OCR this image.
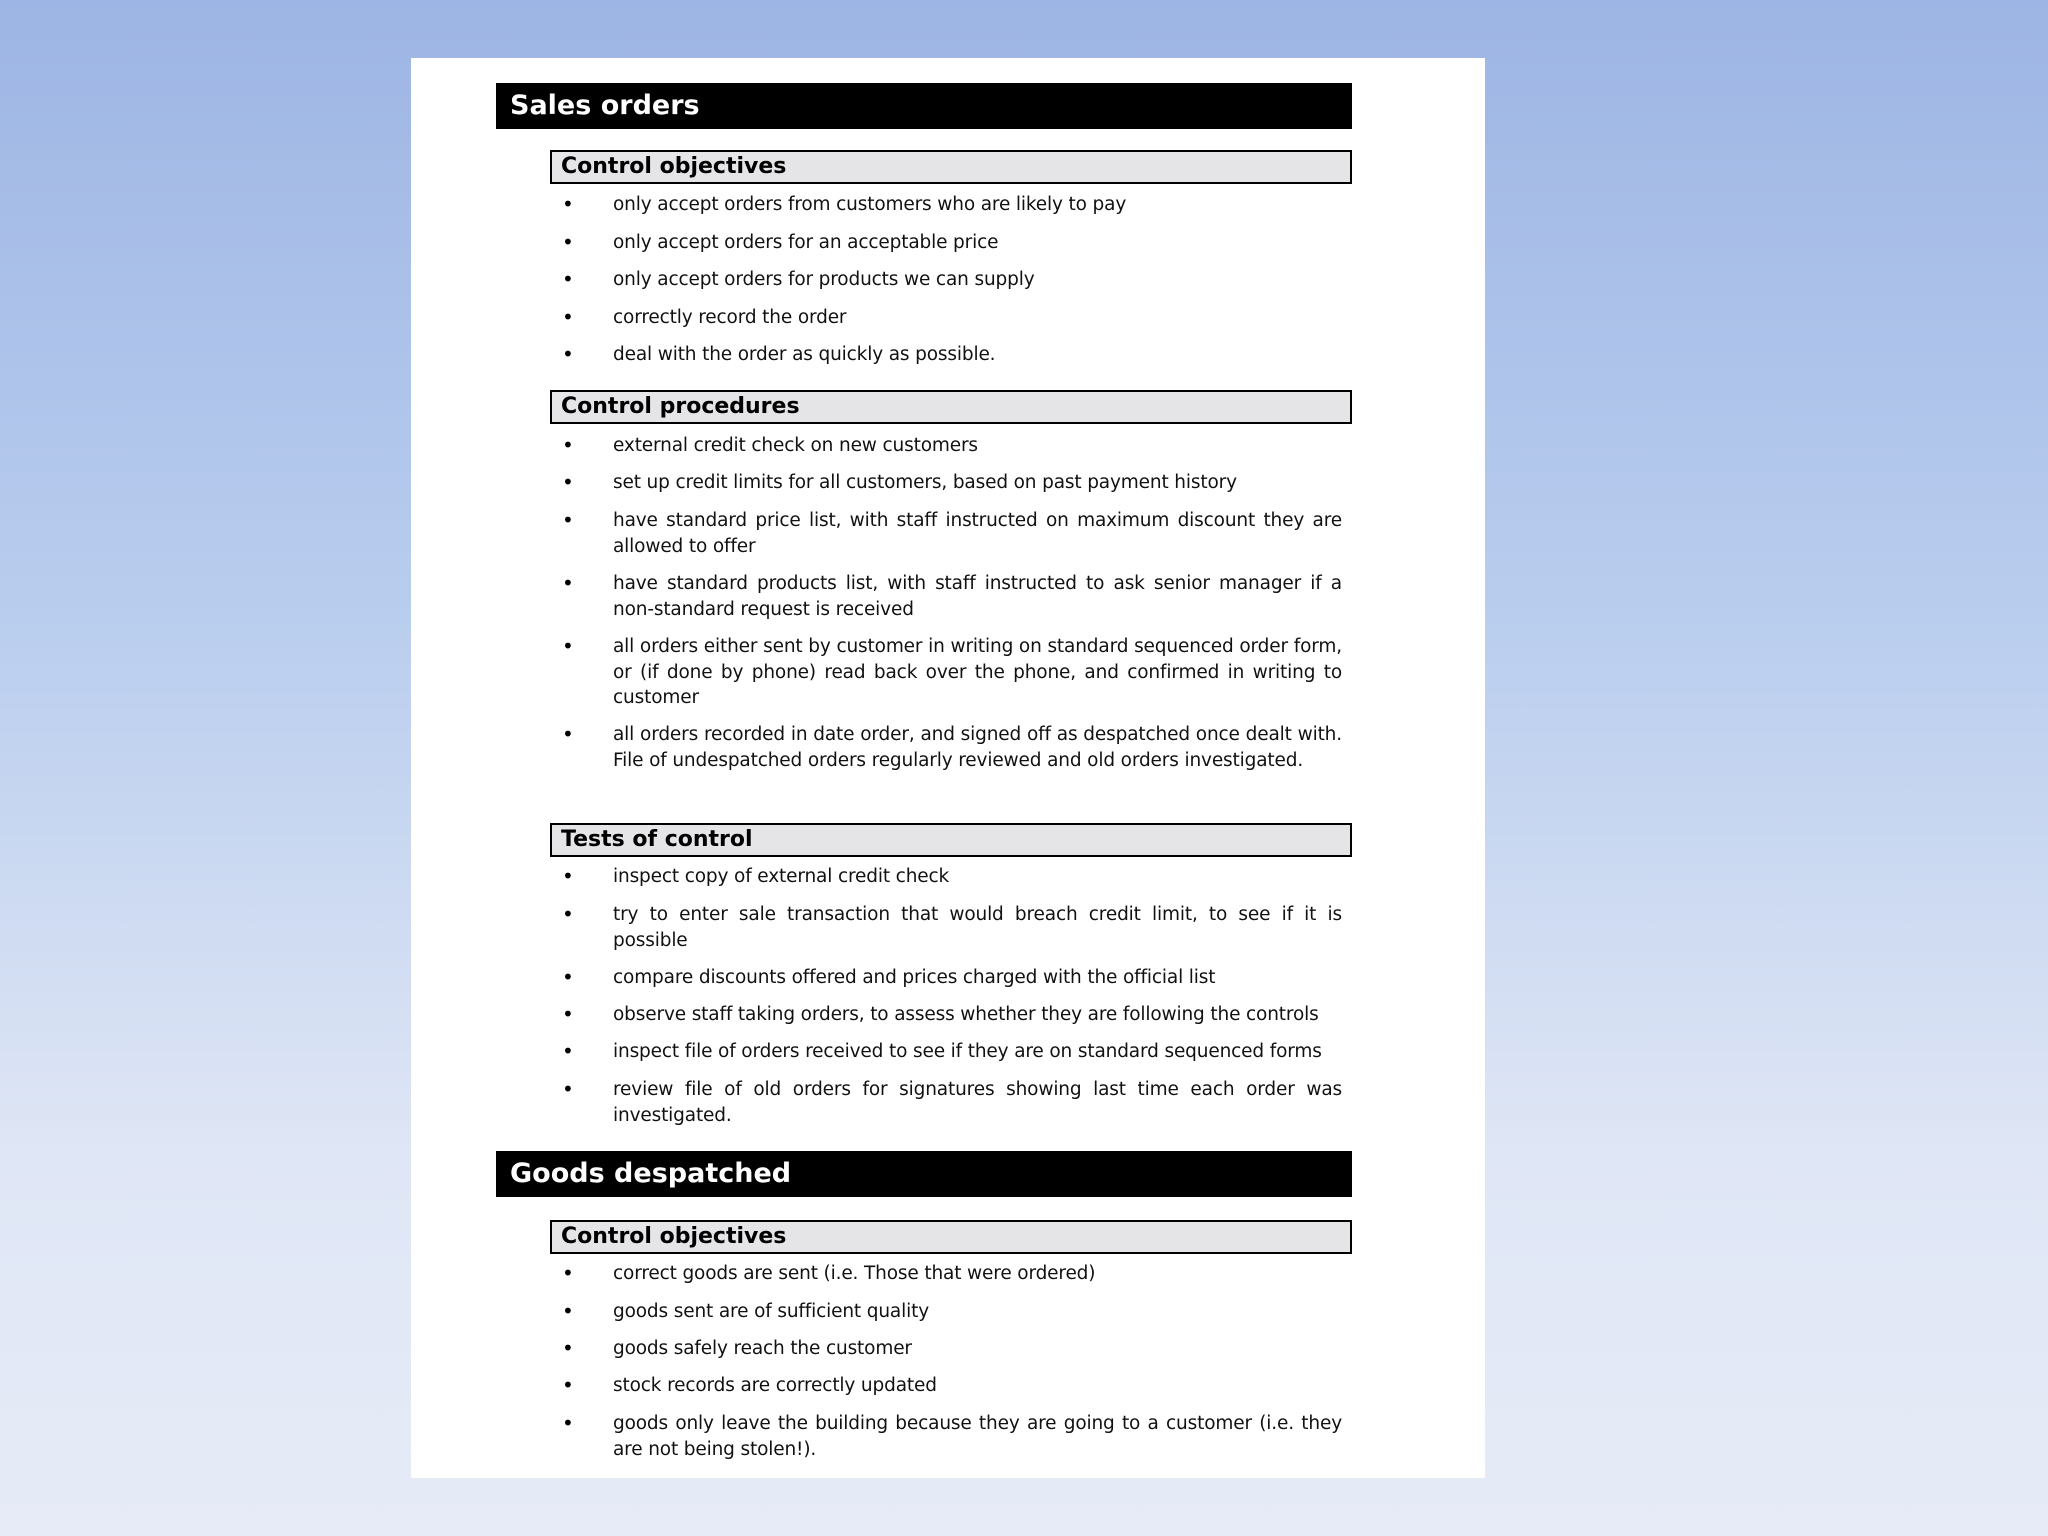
Sales orders
Control objectives
• only accept orders from customers who are likely to pay
• only accept orders for an acceptable price
• only accept orders for products we can supply
• correctly record the order
• deal with the order as quickly as possible.
Control procedures
• external credit check on new customers
• set up credit limits for all customers, based on past payment history
• have standard price list, with staff instructed on maximum discount they are allowed to offer
• have standard products list, with staff instructed to ask senior manager if a non-standard request is received
• all orders either sent by customer in writing on standard sequenced order form, or (if done by phone) read back over the phone, and confirmed in writing to customer
• all orders recorded in date order, and signed off as despatched once dealt with. File of undespatched orders regularly reviewed and old orders investigated.
Tests of control
• inspect copy of external credit check
• try to enter sale transaction that would breach credit limit, to see if it is possible
• compare discounts offered and prices charged with the official list
• observe staff taking orders, to assess whether they are following the controls
• inspect file of orders received to see if they are on standard sequenced forms
• review file of old orders for signatures showing last time each order was investigated.
Goods despatched
Control objectives
• correct goods are sent (i.e. Those that were ordered)
• goods sent are of sufficient quality
• goods safely reach the customer
• stock records are correctly updated
• goods only leave the building because they are going to a customer (i.e. they are not being stolen!).
